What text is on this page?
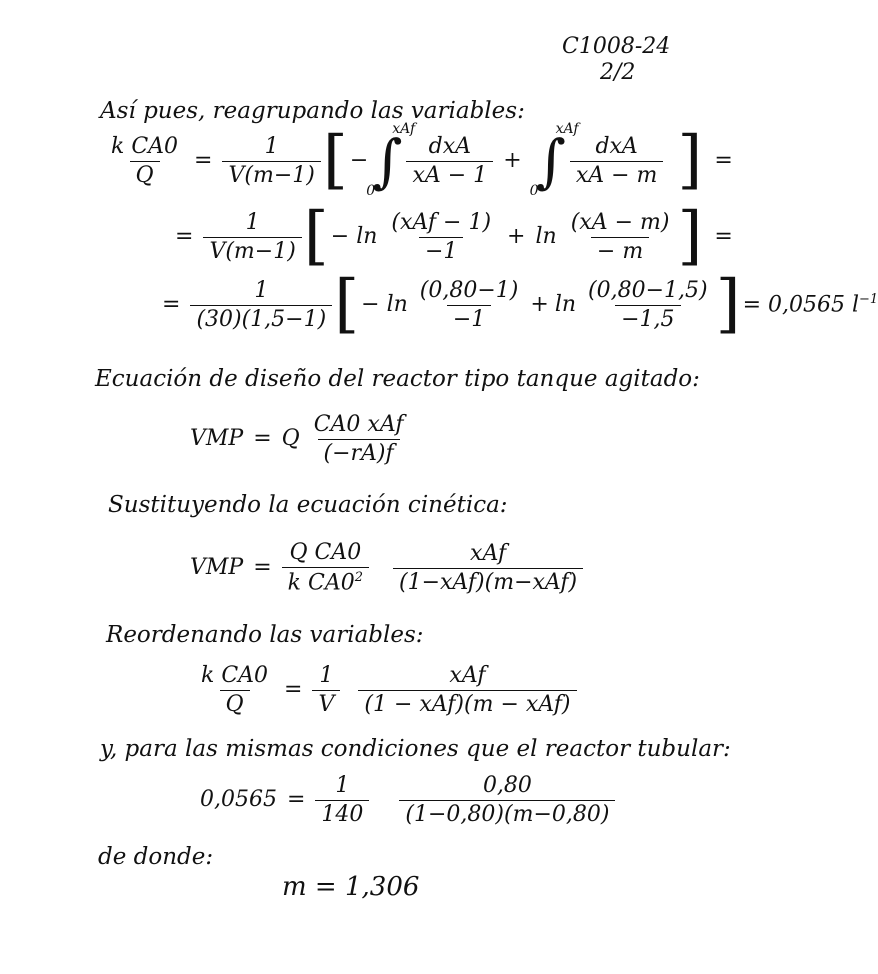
C1008-24
2/2
Así pues, reagrupando las variables:
$\frac{\text{k CA0}}{Q} = \frac{1}{V(m-1)}$ [ − ∫
xAf
0
$\frac{\text{dxA}}{xA - 1}$ + ∫
xAf
0
$\frac{\text{dxA}}{xA - m}$ ] =
= $\frac{1}{V(m-1)}$ [ − $\ln \frac{\text{(xAf − 1)}}{-1} + \ln \frac{(xA - m)}{- m}$ ] =
= $\frac{1}{(30)(1,5-1)}$ [ − $\ln \frac{(0,80-1)}{-1} + \ln \frac{(0,80-1,5)}{-1,5}$ ] = 0,0565 $l^{-1}$
Ecuación de diseño del reactor tipo tanque agitado:
VMP = Q $\frac{\text{CA0 xAf}}{(-rA)f}$
Sustituyendo la ecuación cinética:
VMP = $\frac{\text{Q CA0}}{k CA0^2} \frac{\text{xAf}}{\text{(1−xAf)(m−xAf)}}$
Reordenando las variables:
$\frac{\text{k CA0}}{Q} = \frac{1}{V} \frac{\text{xAf}}{\text{(1 − xAf)(m − xAf)}}$
y, para las mismas condiciones que el reactor tubular:
$0,0565 = \frac{1}{140} \frac{0,80}{(1-0,80)(m-0,80)}$
de donde:
m = 1,306
